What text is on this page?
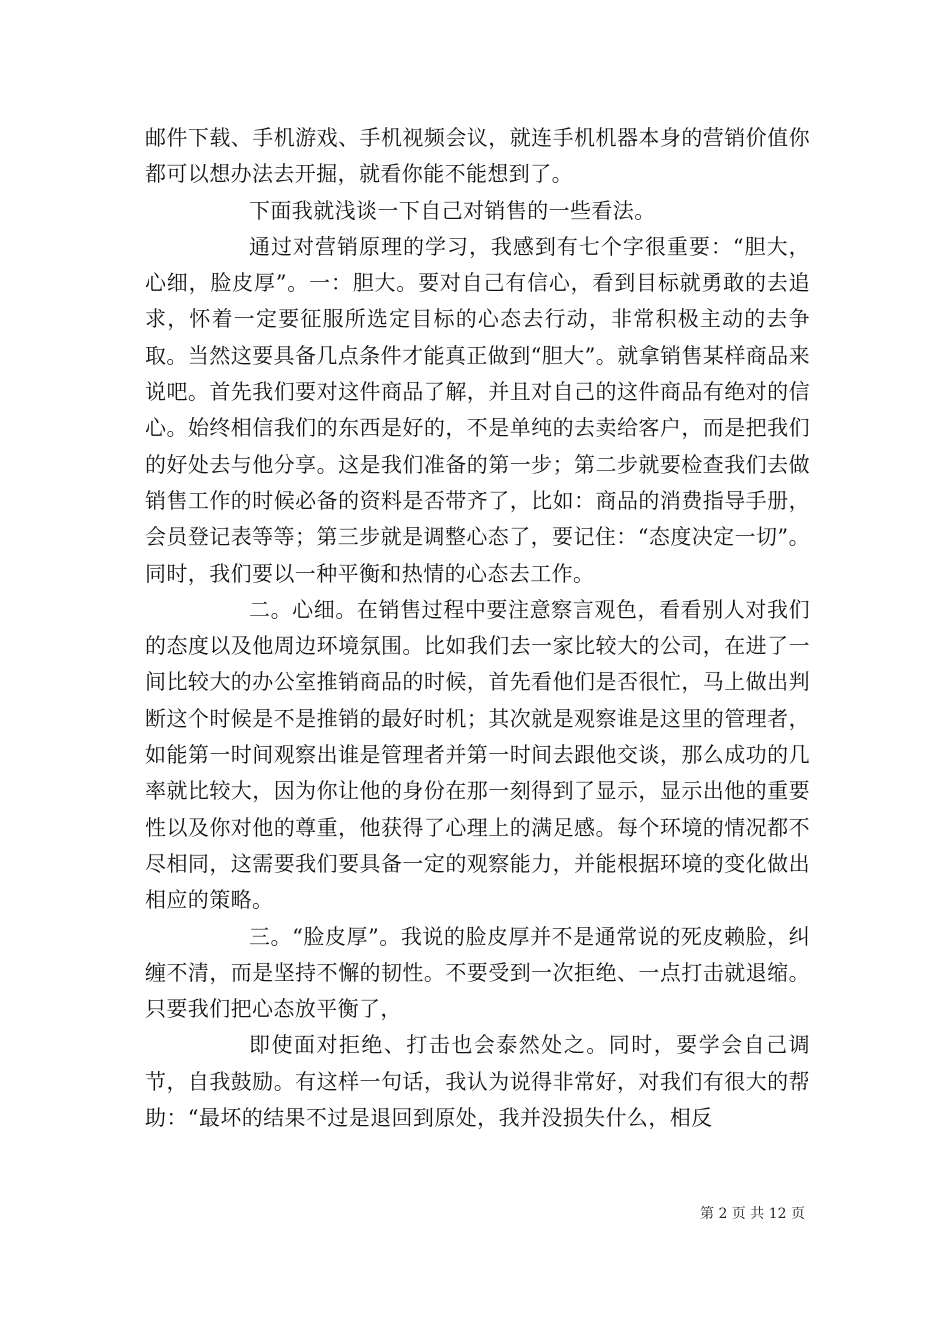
邮件下载、手机游戏、手机视频会议，就连手机机器本身的营销价值你都可以想办法去开掘，就看你能不能想到了。

下面我就浅谈一下自己对销售的一些看法。

通过对营销原理的学习，我感到有七个字很重要：“胆大，心细，脸皮厚”。一：胆大。要对自己有信心，看到目标就勇敢的去追求，怀着一定要征服所选定目标的心态去行动，非常积极主动的去争取。当然这要具备几点条件才能真正做到“胆大”。就拿销售某样商品来说吧。首先我们要对这件商品了解，并且对自己的这件商品有绝对的信心。始终相信我们的东西是好的，不是单纯的去卖给客户，而是把我们的好处去与他分享。这是我们准备的第一步；第二步就要检查我们去做销售工作的时候必备的资料是否带齐了，比如：商品的消费指导手册，会员登记表等等；第三步就是调整心态了，要记住：“态度决定一切”。同时，我们要以一种平衡和热情的心态去工作。

二。心细。在销售过程中要注意察言观色，看看别人对我们的态度以及他周边环境氛围。比如我们去一家比较大的公司，在进了一间比较大的办公室推销商品的时候，首先看他们是否很忙，马上做出判断这个时候是不是推销的最好时机；其次就是观察谁是这里的管理者，如能第一时间观察出谁是管理者并第一时间去跟他交谈，那么成功的几率就比较大，因为你让他的身份在那一刻得到了显示，显示出他的重要性以及你对他的尊重，他获得了心理上的满足感。每个环境的情况都不尽相同，这需要我们要具备一定的观察能力，并能根据环境的变化做出相应的策略。

三。“脸皮厚”。我说的脸皮厚并不是通常说的死皮赖脸，纠缠不清，而是坚持不懈的韧性。不要受到一次拒绝、一点打击就退缩。只要我们把心态放平衡了，

即使面对拒绝、打击也会泰然处之。同时，要学会自己调节，自我鼓励。有这样一句话，我认为说得非常好，对我们有很大的帮助：“最坏的结果不过是退回到原处，我并没损失什么，相反

第 2 页 共 12 页
